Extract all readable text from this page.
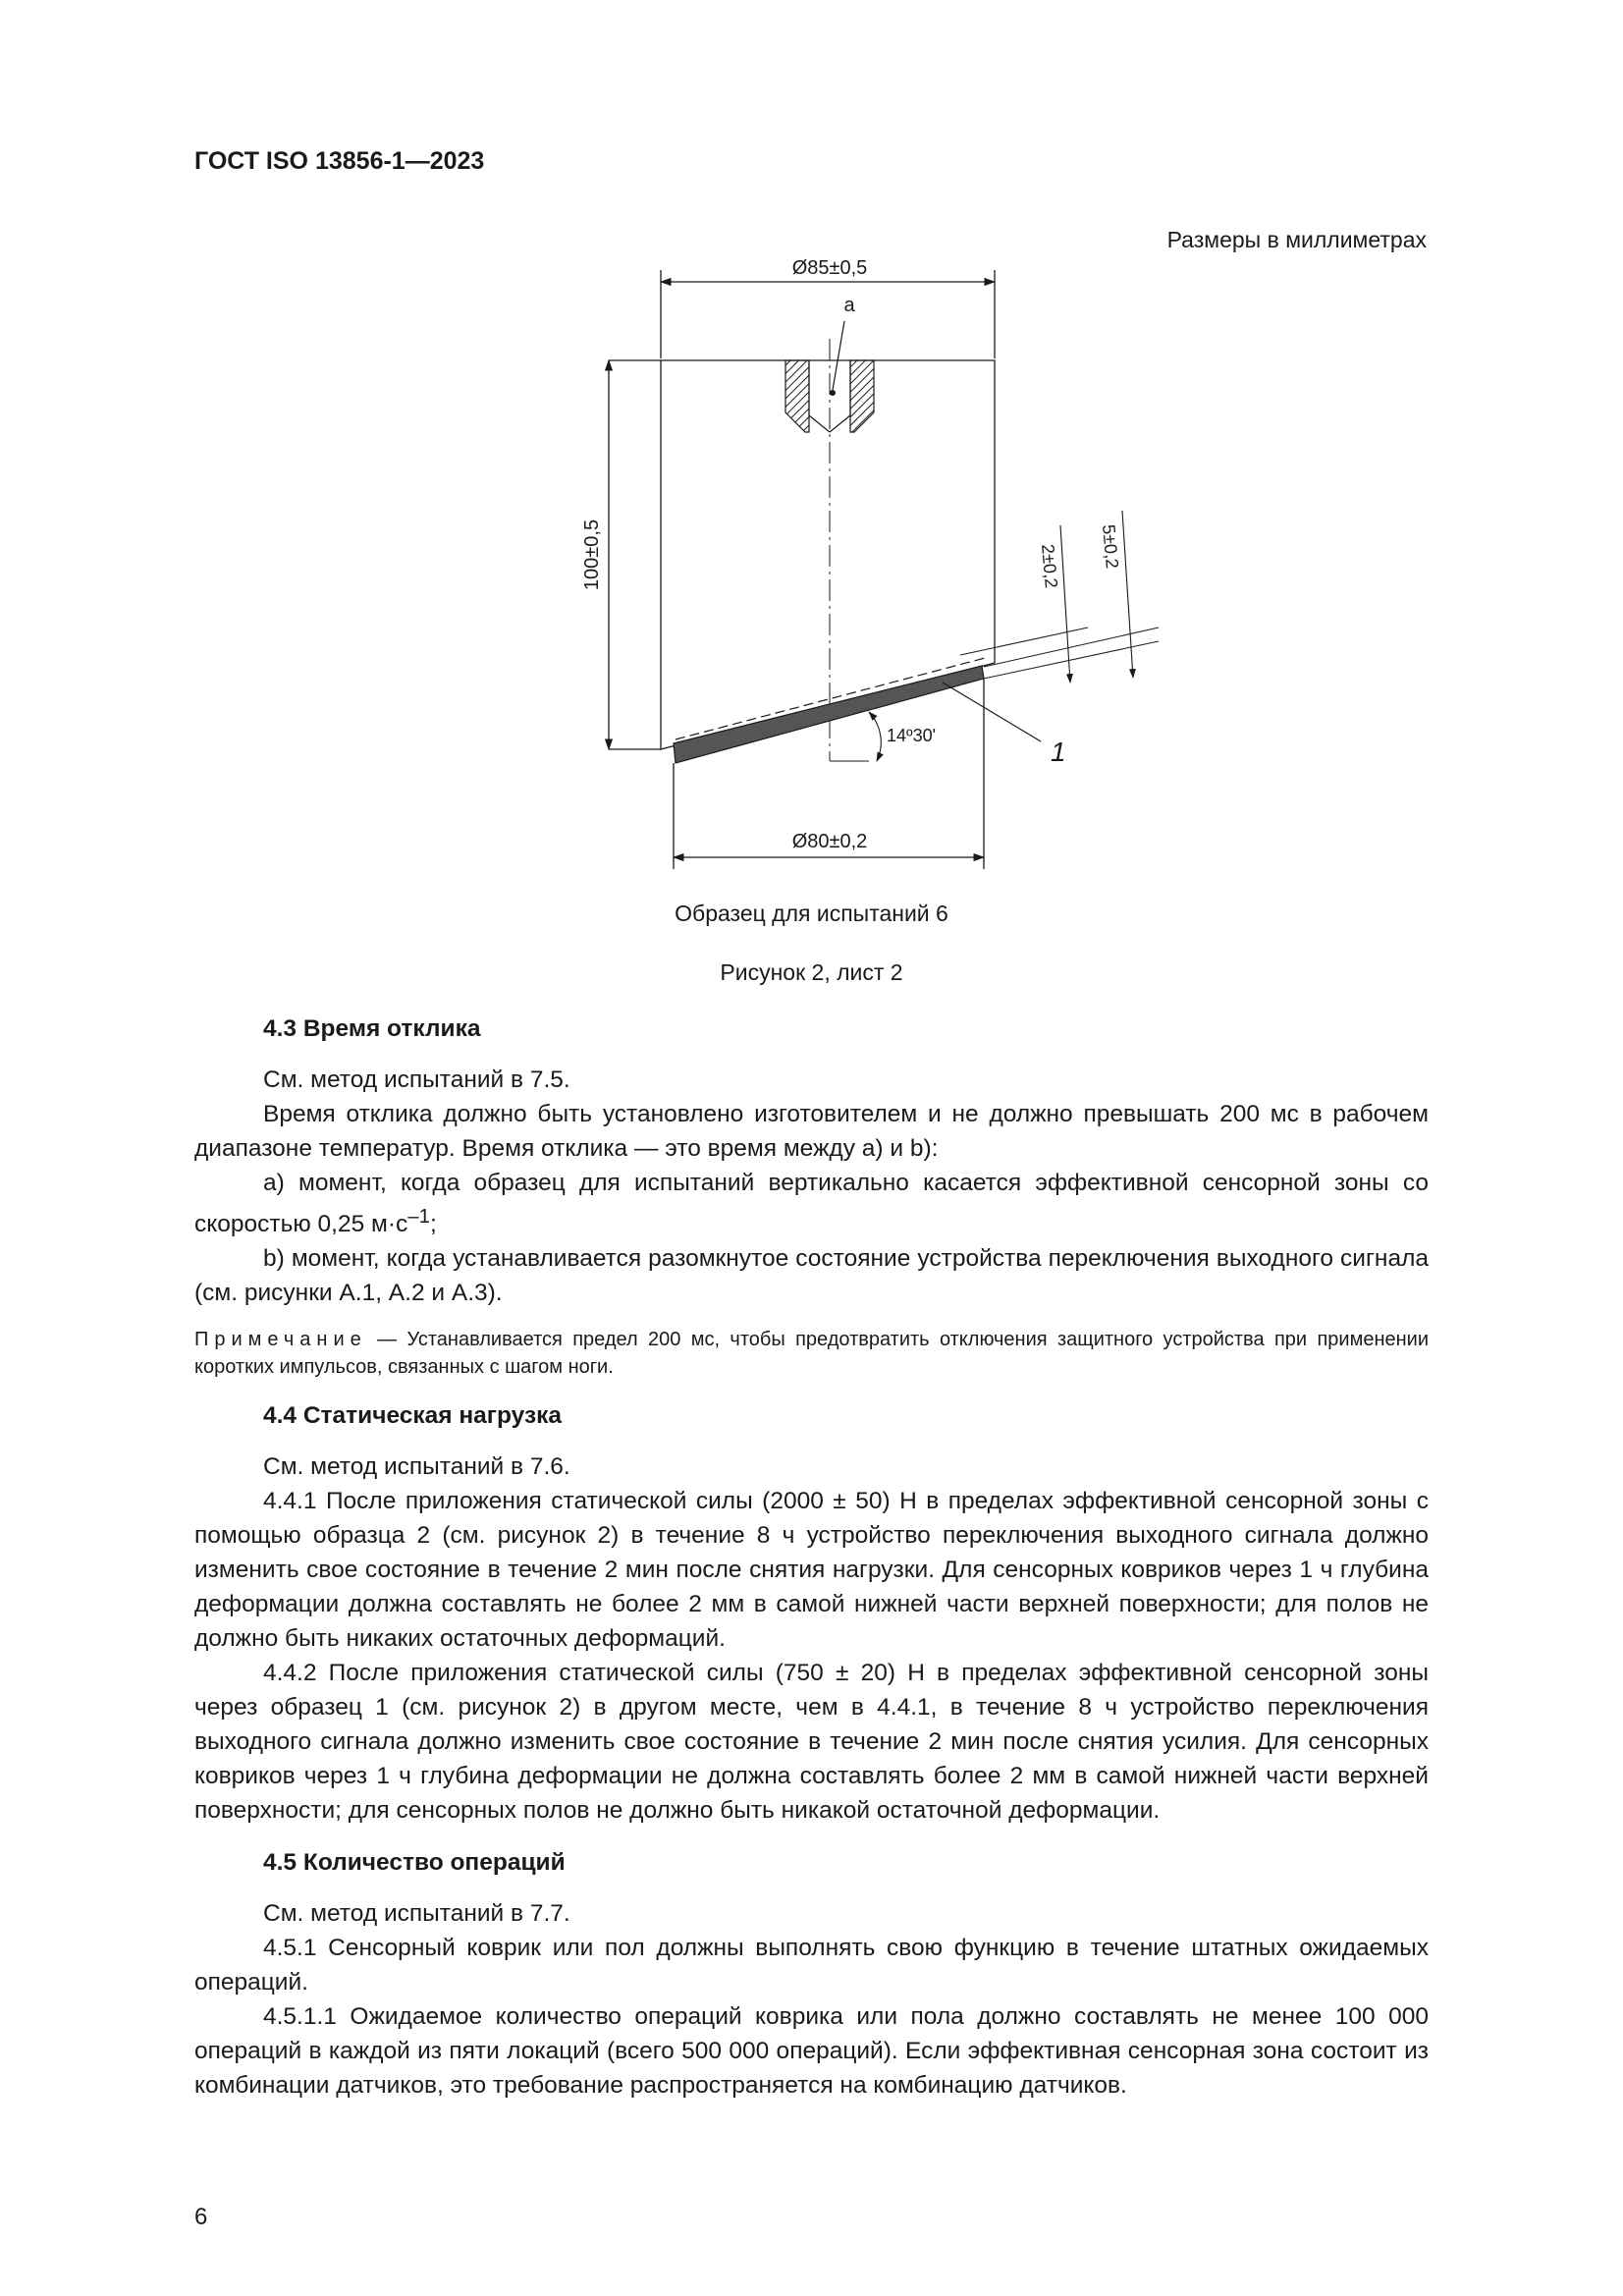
ГОСТ ISO 13856-1—2023
Размеры в миллиметрах
Ø85±0,5
a
100±0,5
14º30'
2±0,2 5±0,2
1
Ø80±0,2
Образец для испытаний 6
Рисунок 2, лист 2
4.3 Время отклика

См. метод испытаний в 7.5.

Время отклика должно быть установлено изготовителем и не должно превышать 200 мс в рабочем диапазоне температур. Время отклика — это время между a) и b):

a) момент, когда образец для испытаний вертикально касается эффективной сенсорной зоны со скоростью 0,25 $м\cdot с^{-1}$;

b) момент, когда устанавливается разомкнутое состояние устройства переключения выходного сигнала (см. рисунки А.1, А.2 и А.3).

Примечание — Устанавливается предел 200 мс, чтобы предотвратить отключения защитного устройства при применении коротких импульсов, связанных с шагом ноги.

4.4 Статическая нагрузка

См. метод испытаний в 7.6.

4.4.1 После приложения статической силы (2000 ± 50) Н в пределах эффективной сенсорной зоны с помощью образца 2 (см. рисунок 2) в течение 8 ч устройство переключения выходного сигнала должно изменить свое состояние в течение 2 мин после снятия нагрузки. Для сенсорных ковриков через 1 ч глубина деформации должна составлять не более 2 мм в самой нижней части верхней поверхности; для полов не должно быть никаких остаточных деформаций.

4.4.2 После приложения статической силы (750 ± 20) Н в пределах эффективной сенсорной зоны через образец 1 (см. рисунок 2) в другом месте, чем в 4.4.1, в течение 8 ч устройство переключения выходного сигнала должно изменить свое состояние в течение 2 мин после снятия усилия. Для сенсорных ковриков через 1 ч глубина деформации не должна составлять более 2 мм в самой нижней части верхней поверхности; для сенсорных полов не должно быть никакой остаточной деформации.

4.5 Количество операций

См. метод испытаний в 7.7.

4.5.1 Сенсорный коврик или пол должны выполнять свою функцию в течение штатных ожидаемых операций.

4.5.1.1 Ожидаемое количество операций коврика или пола должно составлять не менее 100 000 операций в каждой из пяти локаций (всего 500 000 операций). Если эффективная сенсорная зона состоит из комбинации датчиков, это требование распространяется на комбинацию датчиков.

6
